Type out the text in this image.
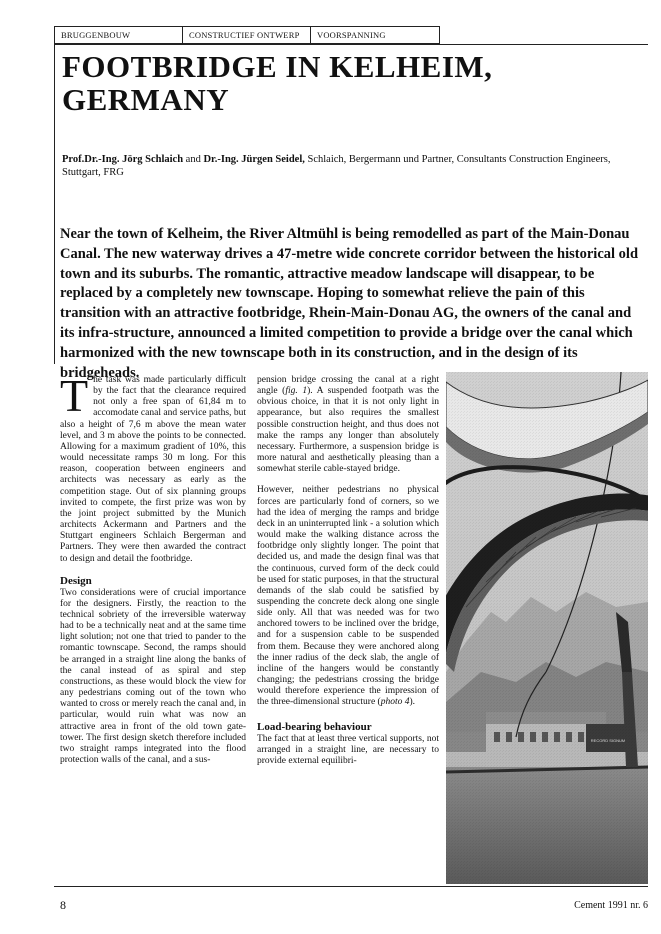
BRUGGENBOUW	CONSTRUCTIEF ONTWERP	VOORSPANNING
FOOTBRIDGE IN KELHEIM,
GERMANY
Prof.Dr.-Ing. Jörg Schlaich and Dr.-Ing. Jürgen Seidel, Schlaich, Bergermann und Partner, Consultants Construction Engineers, Stuttgart, FRG
Near the town of Kelheim, the River Altmühl is being remodelled as part of the Main-Donau Canal. The new waterway drives a 47-metre wide concrete corridor between the historical old town and its suburbs. The romantic, attractive meadow landscape will disappear, to be replaced by a completely new townscape. Hoping to somewhat relieve the pain of this transition with an attractive footbridge, Rhein-Main-Donau AG, the owners of the canal and its infra-structure, announced a limited competition to provide a bridge over the canal which harmonized with the new townscape both in its construction, and in the design of its bridgeheads.

The task was made particularly difficult by the fact that the clearance required not only a free span of 61,84 m to accomodate canal and service paths, but also a height of 7,6 m above the mean water level, and 3 m above the points to be connected. Allowing for a maximum gradient of 10%, this would necessitate ramps 30 m long. For this reason, cooperation between engineers and architects was necessary as early as the competition stage. Out of six planning groups invited to compete, the first prize was won by the joint project submitted by the Munich architects Ackermann and Partners and the Stuttgart engineers Schlaich Bergerman and Partners. They were then awarded the contract to design and detail the footbridge.

Design

Two considerations were of crucial importance for the designers. Firstly, the reaction to the technical sobriety of the irreversible waterway had to be a technically neat and at the same time light solution; not one that tried to pander to the romantic townscape. Second, the ramps should be arranged in a straight line along the banks of the canal instead of as spiral and step constructions, as these would block the view for any pedestrians coming out of the town who wanted to cross or merely reach the canal and, in particular, would ruin what was now an attractive area in front of the old town gate-tower. The first design sketch therefore included two straight ramps integrated into the flood protection walls of the canal, and a sus-

pension bridge crossing the canal at a right angle (fig. 1). A suspended footpath was the obvious choice, in that it is not only light in appearance, but also requires the smallest possible construction height, and thus does not make the ramps any longer than absolutely necessary. Furthermore, a suspension bridge is more natural and aesthetically pleasing than a somewhat sterile cable-stayed bridge.

However, neither pedestrians no physical forces are particularly fond of corners, so we had the idea of merging the ramps and bridge deck in an uninterrupted link - a solution which would make the walking distance across the footbridge only slightly longer. The point that decided us, and made the design final was that the continuous, curved form of the deck could be used for static purposes, in that the structural demands of the slab could be satisfied by suspending the concrete deck along one single side only. All that was needed was for two anchored towers to be inclined over the bridge, and for a suspension cable to be suspended from them. Because they were anchored along the inner radius of the deck slab, the angle of incline of the hangers would be constantly changing; the pedestrians crossing the bridge would therefore experience the impression of the three-dimensional structure (photo 4).

Load-bearing behaviour

The fact that at least three vertical supports, not arranged in a straight line, are necessary to provide external equilibri-

8	Cement 1991 nr. 6
